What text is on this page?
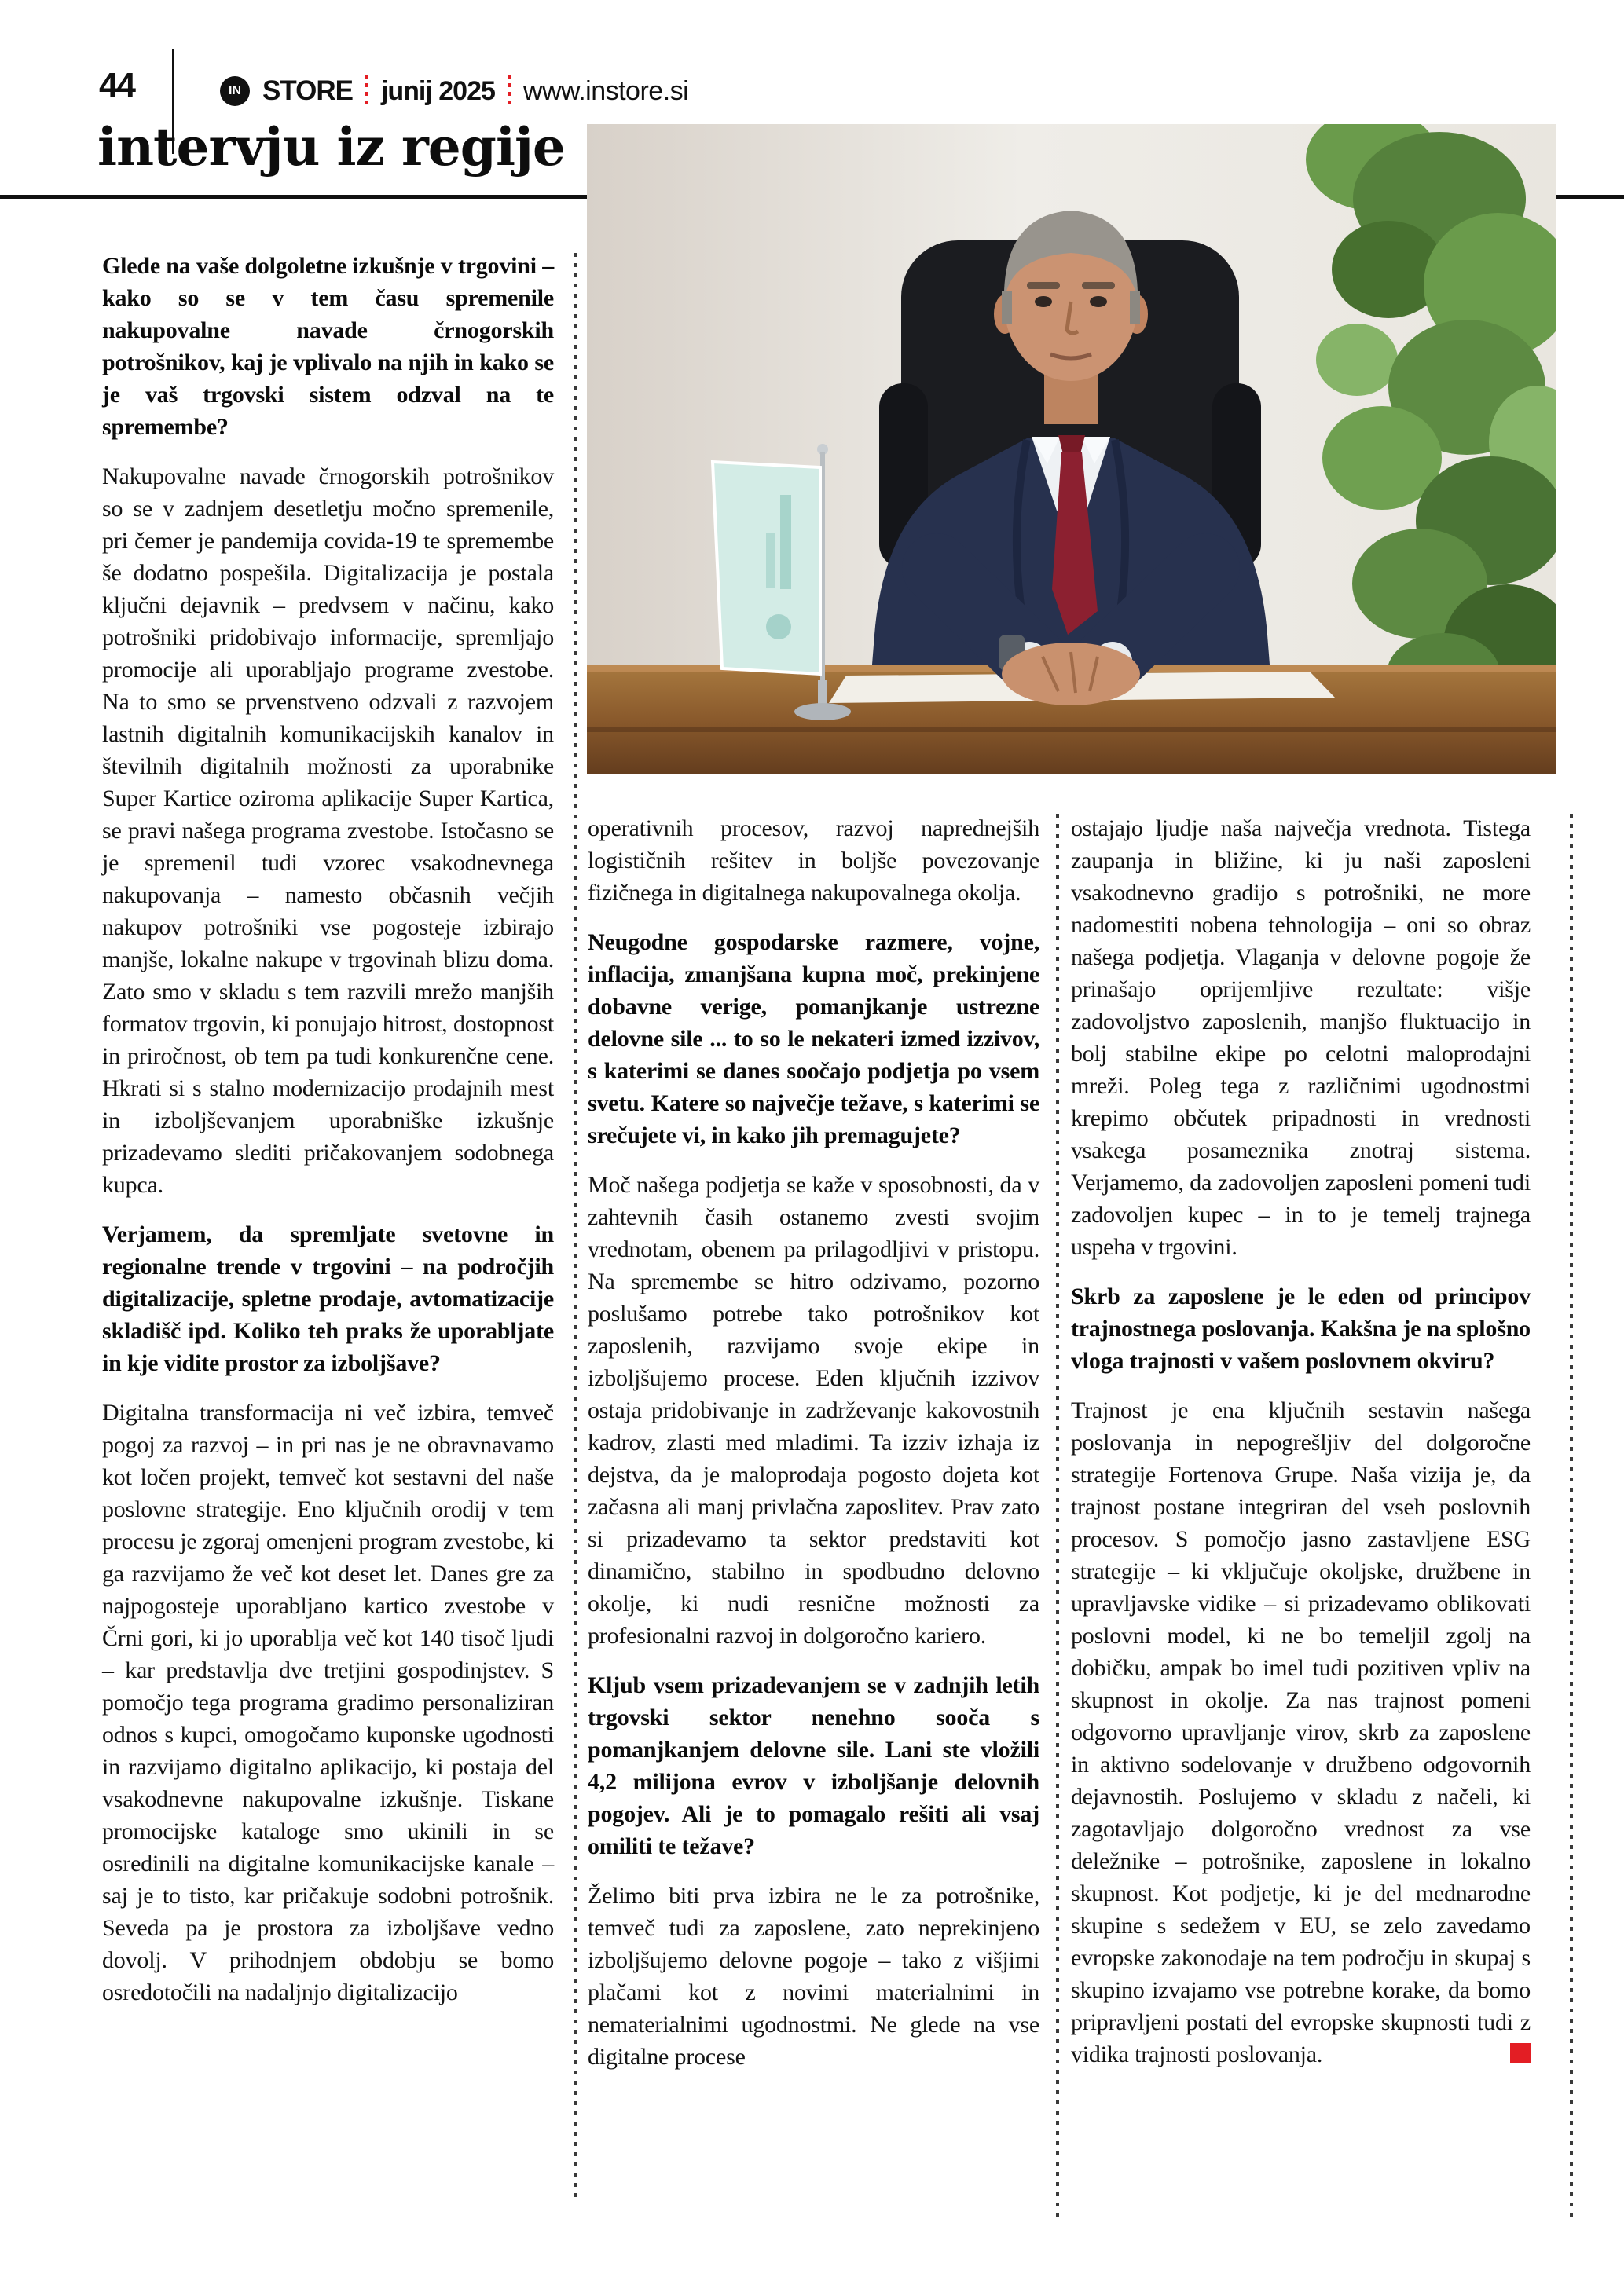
44	IN STORE junij 2025 www.instore.si
intervju iz regije

Glede na vaše dolgoletne izkušnje v trgovini – kako so se v tem času spremenile nakupovalne navade črnogorskih potrošnikov, kaj je vplivalo na njih in kako se je vaš trgovski sistem odzval na te spremembe?

Nakupovalne navade črnogorskih potrošnikov so se v zadnjem desetletju močno spremenile, pri čemer je pandemija covida-19 te spremembe še dodatno pospešila. Digitalizacija je postala ključni dejavnik – predvsem v načinu, kako potrošniki pridobivajo informacije, spremljajo promocije ali uporabljajo programe zvestobe. Na to smo se prvenstveno odzvali z razvojem lastnih digitalnih komunikacijskih kanalov in številnih digitalnih možnosti za uporabnike Super Kartice oziroma aplikacije Super Kartica, se pravi našega programa zvestobe. Istočasno se je spremenil tudi vzorec vsakodnevnega nakupovanja – namesto občasnih večjih nakupov potrošniki vse pogosteje izbirajo manjše, lokalne nakupe v trgovinah blizu doma. Zato smo v skladu s tem razvili mrežo manjših formatov trgovin, ki ponujajo hitrost, dostopnost in priročnost, ob tem pa tudi konkurenčne cene. Hkrati si s stalno modernizacijo prodajnih mest in izboljševanjem uporabniške izkušnje prizadevamo slediti pričakovanjem sodobnega kupca.

Verjamem, da spremljate svetovne in regionalne trende v trgovini – na področjih digitalizacije, spletne prodaje, avtomatizacije skladišč ipd. Koliko teh praks že uporabljate in kje vidite prostor za izboljšave?

Digitalna transformacija ni več izbira, temveč pogoj za razvoj – in pri nas je ne obravnavamo kot ločen projekt, temveč kot sestavni del naše poslovne strategije. Eno ključnih orodij v tem procesu je zgoraj omenjeni program zvestobe, ki ga razvijamo že več kot deset let. Danes gre za najpogosteje uporabljano kartico zvestobe v Črni gori, ki jo uporablja več kot 140 tisoč ljudi – kar predstavlja dve tretjini gospodinjstev. S pomočjo tega programa gradimo personaliziran odnos s kupci, omogočamo kuponske ugodnosti in razvijamo digitalno aplikacijo, ki postaja del vsakodnevne nakupovalne izkušnje. Tiskane promocijske kataloge smo ukinili in se osredinili na digitalne komunikacijske kanale – saj je to tisto, kar pričakuje sodobni potrošnik. Seveda pa je prostora za izboljšave vedno dovolj. V prihodnjem obdobju se bomo osredotočili na nadaljnjo digitalizacijo

operativnih procesov, razvoj naprednejših logističnih rešitev in boljše povezovanje fizičnega in digitalnega nakupovalnega okolja.

Neugodne gospodarske razmere, vojne, inflacija, zmanjšana kupna moč, prekinjene dobavne verige, pomanjkanje ustrezne delovne sile ... to so le nekateri izmed izzivov, s katerimi se danes soočajo podjetja po vsem svetu. Katere so največje težave, s katerimi se srečujete vi, in kako jih premagujete?

Moč našega podjetja se kaže v sposobnosti, da v zahtevnih časih ostanemo zvesti svojim vrednotam, obenem pa prilagodljivi v pristopu. Na spremembe se hitro odzivamo, pozorno poslušamo potrebe tako potrošnikov kot zaposlenih, razvijamo svoje ekipe in izboljšujemo procese. Eden ključnih izzivov ostaja pridobivanje in zadrževanje kakovostnih kadrov, zlasti med mladimi. Ta izziv izhaja iz dejstva, da je maloprodaja pogosto dojeta kot začasna ali manj privlačna zaposlitev. Prav zato si prizadevamo ta sektor predstaviti kot dinamično, stabilno in spodbudno delovno okolje, ki nudi resnične možnosti za profesionalni razvoj in dolgoročno kariero.

Kljub vsem prizadevanjem se v zadnjih letih trgovski sektor nenehno sooča s pomanjkanjem delovne sile. Lani ste vložili 4,2 milijona evrov v izboljšanje delovnih pogojev. Ali je to pomagalo rešiti ali vsaj omiliti te težave?

Želimo biti prva izbira ne le za potrošnike, temveč tudi za zaposlene, zato neprekinjeno izboljšujemo delovne pogoje – tako z višjimi plačami kot z novimi materialnimi in nematerialnimi ugodnostmi. Ne glede na vse digitalne procese

ostajajo ljudje naša največja vrednota. Tistega zaupanja in bližine, ki ju naši zaposleni vsakodnevno gradijo s potrošniki, ne more nadomestiti nobena tehnologija – oni so obraz našega podjetja. Vlaganja v delovne pogoje že prinašajo oprijemljive rezultate: višje zadovoljstvo zaposlenih, manjšo fluktuacijo in bolj stabilne ekipe po celotni maloprodajni mreži. Poleg tega z različnimi ugodnostmi krepimo občutek pripadnosti in vrednosti vsakega posameznika znotraj sistema. Verjamemo, da zadovoljen zaposleni pomeni tudi zadovoljen kupec – in to je temelj trajnega uspeha v trgovini.

Skrb za zaposlene je le eden od principov trajnostnega poslovanja. Kakšna je na splošno vloga trajnosti v vašem poslovnem okviru?

Trajnost je ena ključnih sestavin našega poslovanja in nepogrešljiv del dolgoročne strategije Fortenova Grupe. Naša vizija je, da trajnost postane integriran del vseh poslovnih procesov. S pomočjo jasno zastavljene ESG strategije – ki vključuje okoljske, družbene in upravljavske vidike – si prizadevamo oblikovati poslovni model, ki ne bo temeljil zgolj na dobičku, ampak bo imel tudi pozitiven vpliv na skupnost in okolje. Za nas trajnost pomeni odgovorno upravljanje virov, skrb za zaposlene in aktivno sodelovanje v družbeno odgovornih dejavnostih. Poslujemo v skladu z načeli, ki zagotavljajo dolgoročno vrednost za vse deležnike – potrošnike, zaposlene in lokalno skupnost. Kot podjetje, ki je del mednarodne skupine s sedežem v EU, se zelo zavedamo evropske zakonodaje na tem področju in skupaj s skupino izvajamo vse potrebne korake, da bomo pripravljeni postati del evropske skupnosti tudi z vidika trajnosti poslovanja.
